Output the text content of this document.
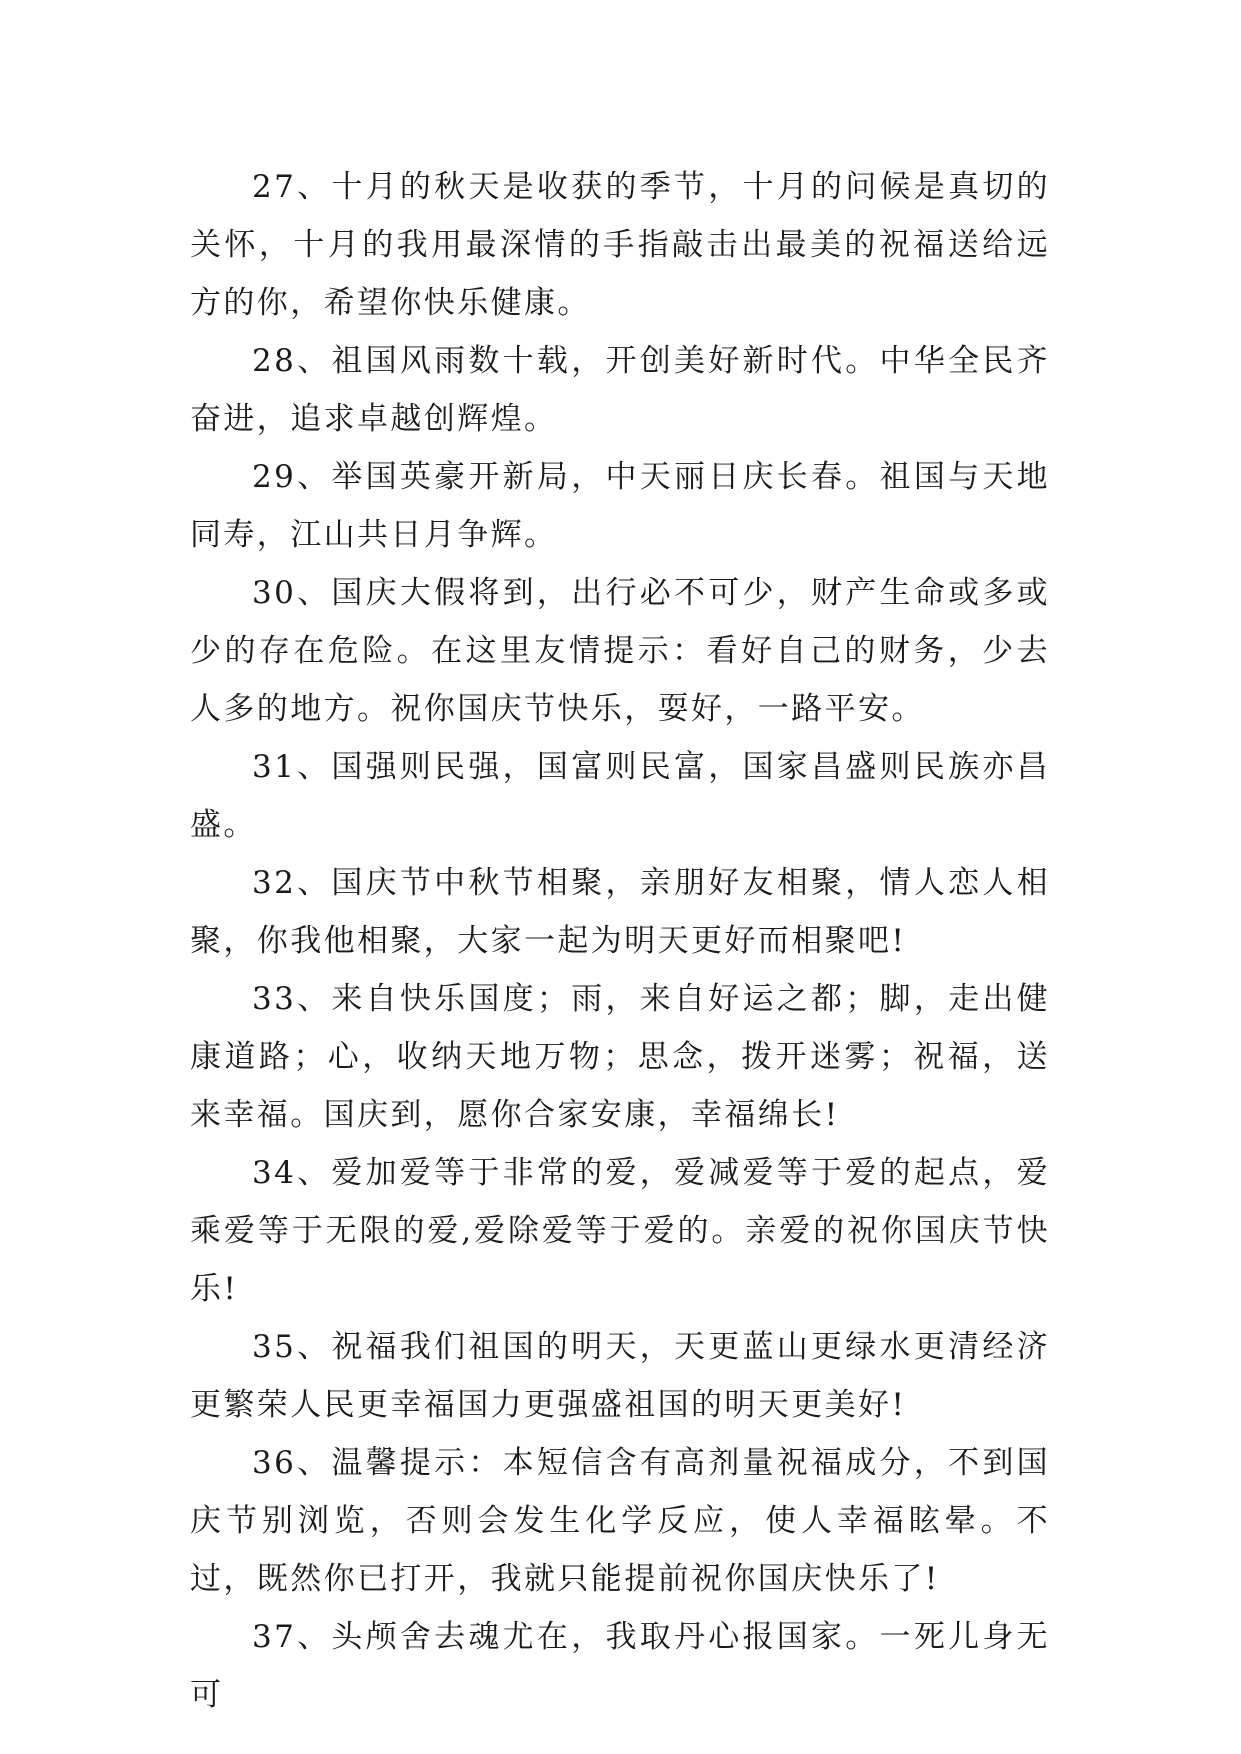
27、十月的秋天是收获的季节，十月的问候是真切的关怀，十月的我用最深情的手指敲击出最美的祝福送给远方的你，希望你快乐健康。

28、祖国风雨数十载，开创美好新时代。中华全民齐奋进，追求卓越创辉煌。

29、举国英豪开新局，中天丽日庆长春。祖国与天地同寿，江山共日月争辉。

30、国庆大假将到，出行必不可少，财产生命或多或少的存在危险。在这里友情提示：看好自己的财务，少去人多的地方。祝你国庆节快乐，耍好，一路平安。

31、国强则民强，国富则民富，国家昌盛则民族亦昌盛。

32、国庆节中秋节相聚，亲朋好友相聚，情人恋人相聚，你我他相聚，大家一起为明天更好而相聚吧!

33、来自快乐国度；雨，来自好运之都；脚，走出健康道路；心，收纳天地万物；思念，拨开迷雾；祝福，送来幸福。国庆到，愿你合家安康，幸福绵长!

34、爱加爱等于非常的爱，爱减爱等于爱的起点，爱乘爱等于无限的爱,爱除爱等于爱的。亲爱的祝你国庆节快乐!

35、祝福我们祖国的明天，天更蓝山更绿水更清经济更繁荣人民更幸福国力更强盛祖国的明天更美好!

36、温馨提示：本短信含有高剂量祝福成分，不到国庆节别浏览，否则会发生化学反应，使人幸福眩晕。不过，既然你已打开，我就只能提前祝你国庆快乐了!

37、头颅舍去魂尤在，我取丹心报国家。一死儿身无可
